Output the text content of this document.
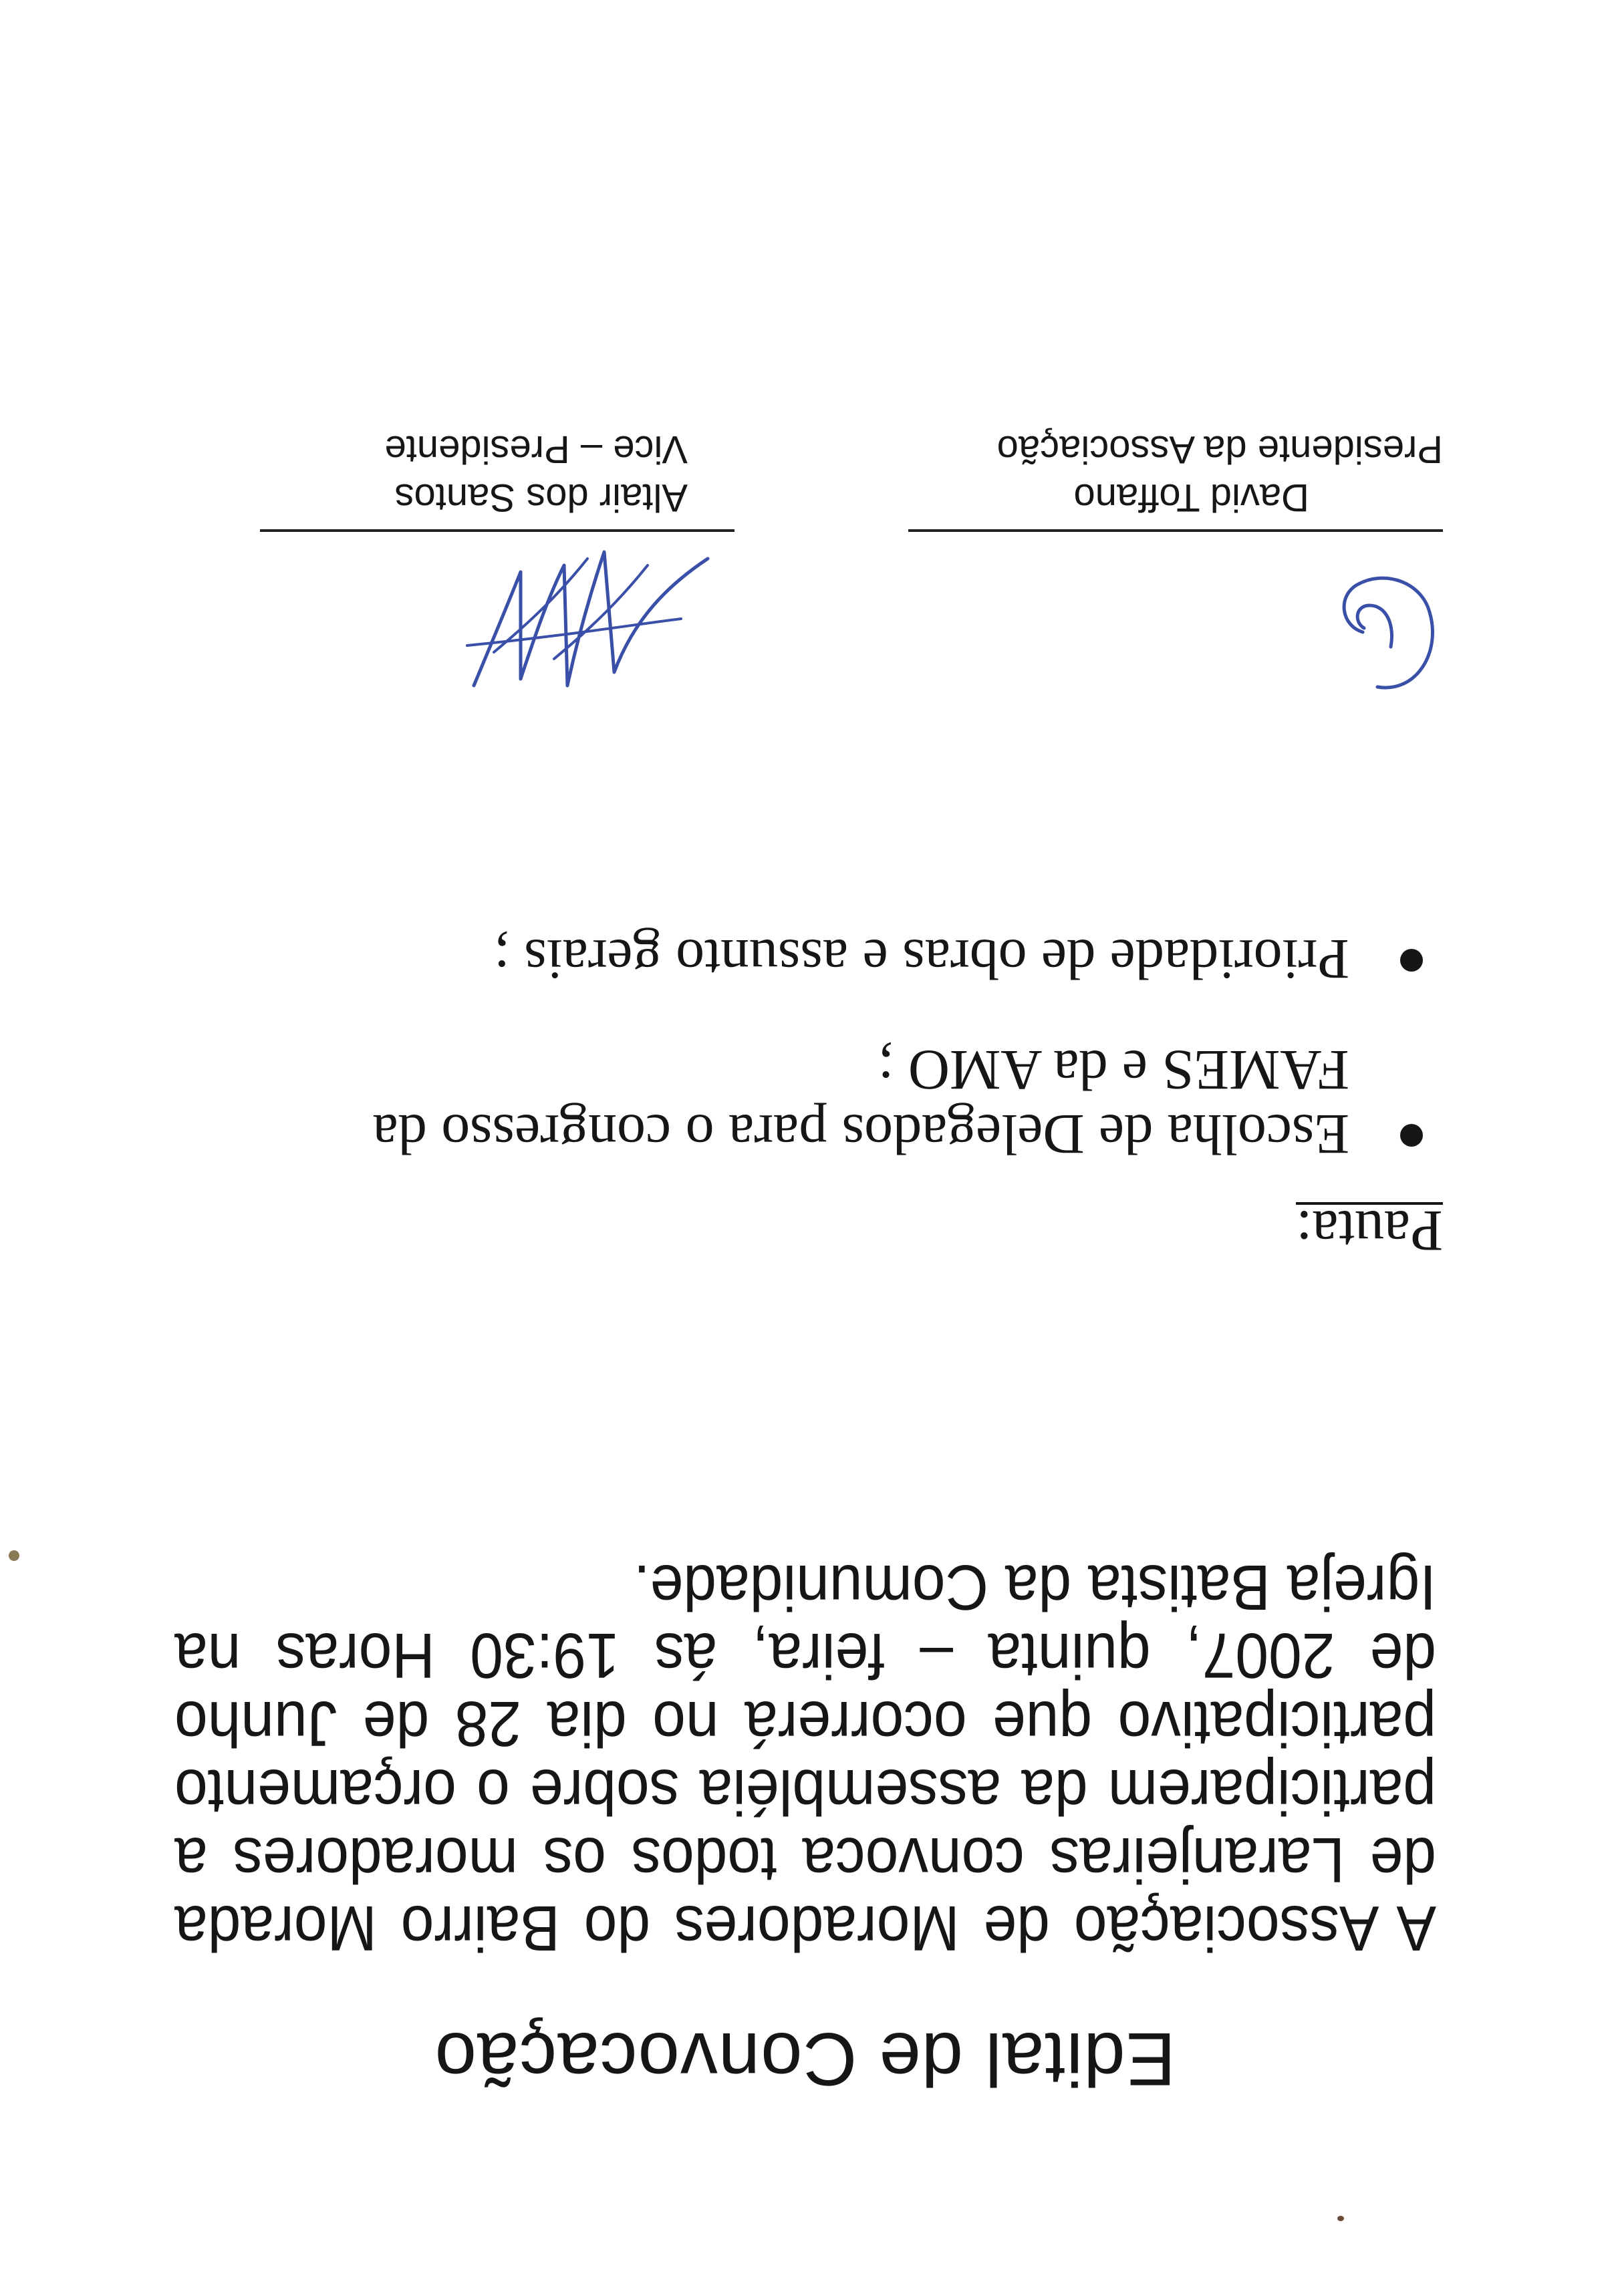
Edital de Convocação

A Associação de Moradores do Bairro Morada de Laranjeiras convoca todos os moradores a participarem da assembléia sobre o orçamento participativo que ocorrerá no dia 28 de Junho de 2007, quinta – feira, ás 19:30 Horas na Igreja Batista da Comunidade.

Pauta:
Escolha de Delegados para o congresso da FAMES e da AMO ;
Prioridade de obras e assunto gerais ;
David Toffano
Presidente da Associação
Altair dos Santos
Vice – Presidente
